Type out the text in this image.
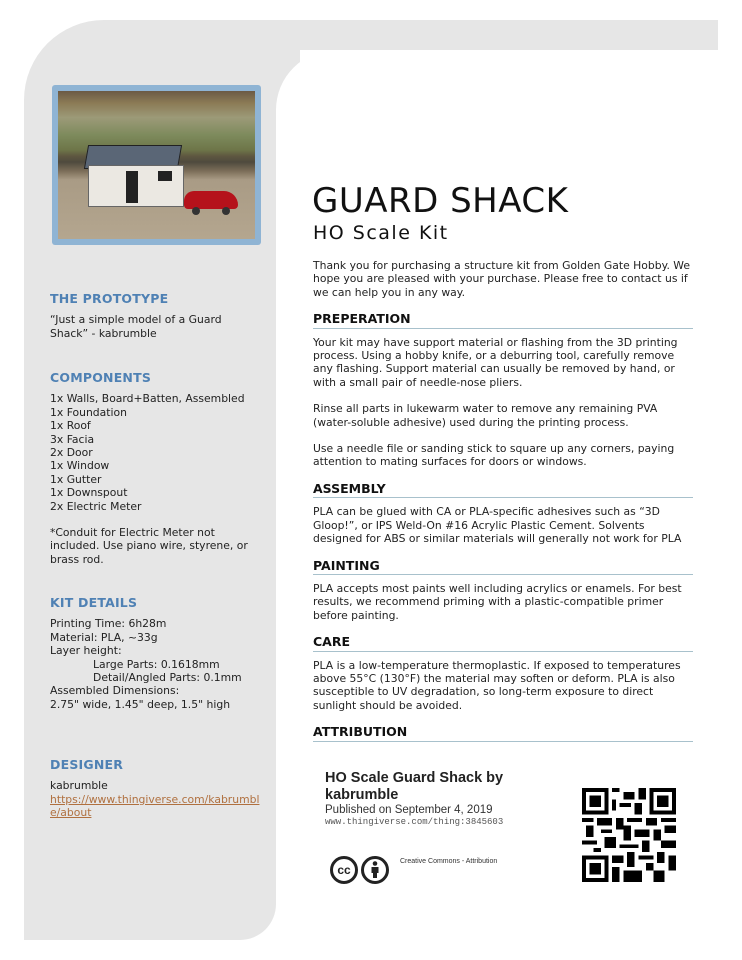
THE PROTOTYPE

“Just a simple model of a Guard Shack” - kabrumble

COMPONENTS

1x Walls, Board+Batten, Assembled

1x Foundation

1x Roof

3x Facia

2x Door

1x Window

1x Gutter

1x Downspout

2x Electric Meter

*Conduit for Electric Meter not included. Use piano wire, styrene, or brass rod.

KIT DETAILS

Printing Time: 6h28m

Material: PLA, ~33g

Layer height:

Large Parts: 0.1618mm

Detail/Angled Parts: 0.1mm

Assembled Dimensions:

2.75" wide, 1.45" deep, 1.5" high

DESIGNER

kabrumble

https://www.thingiverse.com/kabrumble/about

GUARD SHACK
HO Scale Kit

Thank you for purchasing a structure kit from Golden Gate Hobby. We hope you are pleased with your purchase. Please free to contact us if we can help you in any way.

PREPERATION

Your kit may have support material or flashing from the 3D printing process. Using a hobby knife, or a deburring tool, carefully remove any flashing. Support material can usually be removed by hand, or with a small pair of needle-nose pliers.

Rinse all parts in lukewarm water to remove any remaining PVA (water-soluble adhesive) used during the printing process.

Use a needle file or sanding stick to square up any corners, paying attention to mating surfaces for doors or windows.

ASSEMBLY

PLA can be glued with CA or PLA-specific adhesives such as “3D Gloop!”, or IPS Weld-On #16 Acrylic Plastic Cement. Solvents designed for ABS or similar materials will generally not work for PLA

PAINTING

PLA accepts most paints well including acrylics or enamels. For best results, we recommend priming with a plastic-compatible primer before painting.

CARE

PLA is a low-temperature thermoplastic. If exposed to temperatures above 55°C (130°F) the material may soften or deform. PLA is also susceptible to UV degradation, so long-term exposure to direct sunlight should be avoided.

ATTRIBUTION
HO Scale Guard Shack by kabrumble
Published on September 4, 2019
www.thingiverse.com/thing:3845603
cc
Creative Commons - Attribution
